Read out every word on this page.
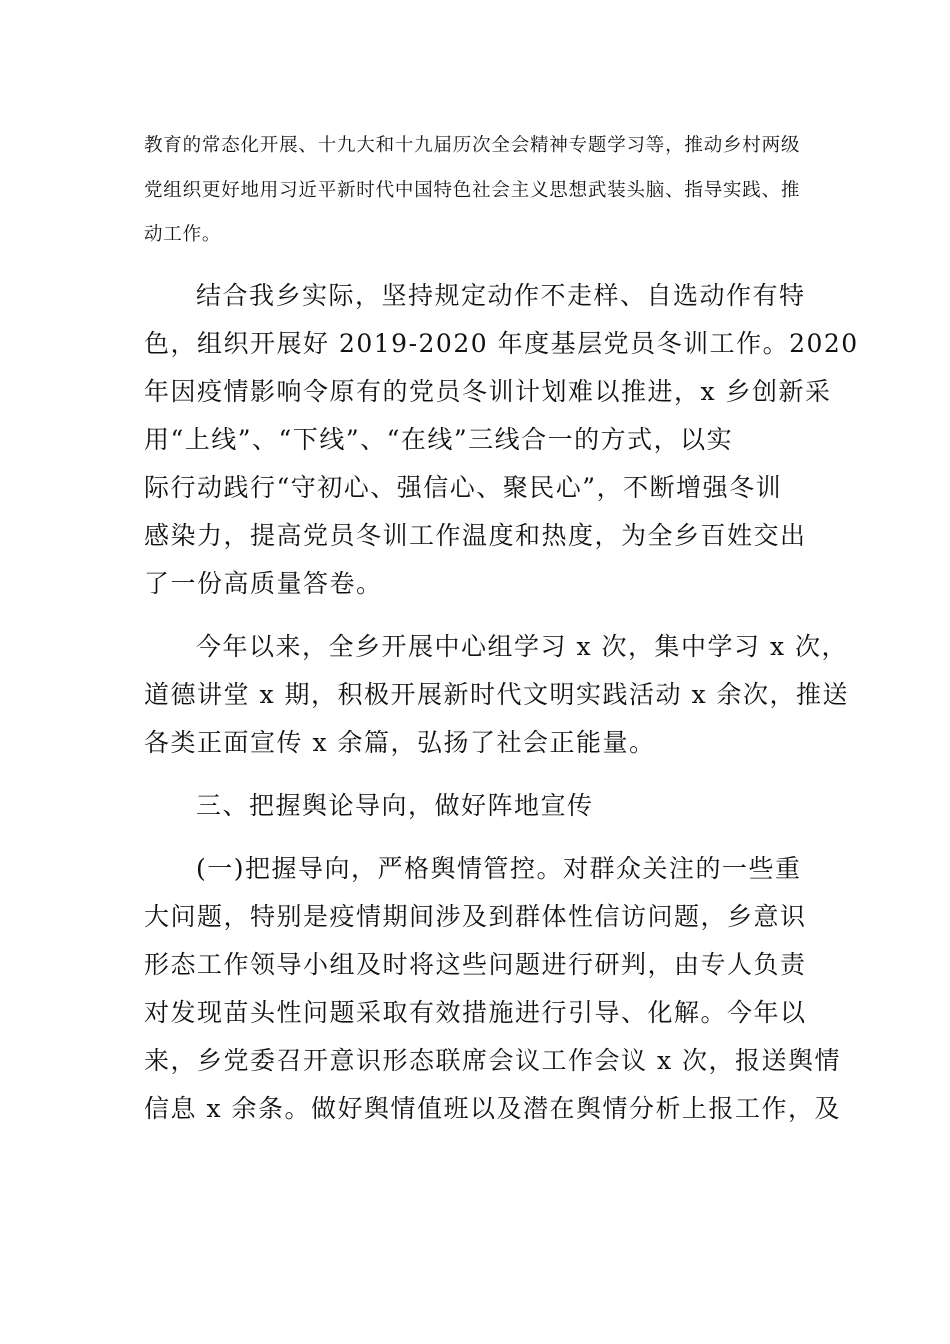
教育的常态化开展、十九大和十九届历次全会精神专题学习等，推动乡村两级

党组织更好地用习近平新时代中国特色社会主义思想武装头脑、指导实践、推

动工作。

结合我乡实际，坚持规定动作不走样、自选动作有特

色，组织开展好 2019-2020 年度基层党员冬训工作。2020

年因疫情影响令原有的党员冬训计划难以推进，x 乡创新采

用“上线”、“下线”、“在线”三线合一的方式，以实

际行动践行“守初心、强信心、聚民心”，不断增强冬训

感染力，提高党员冬训工作温度和热度，为全乡百姓交出

了一份高质量答卷。

今年以来，全乡开展中心组学习 x 次，集中学习 x 次，

道德讲堂 x 期，积极开展新时代文明实践活动 x 余次，推送

各类正面宣传 x 余篇，弘扬了社会正能量。

三、把握舆论导向，做好阵地宣传

(一)把握导向，严格舆情管控。对群众关注的一些重

大问题，特别是疫情期间涉及到群体性信访问题，乡意识

形态工作领导小组及时将这些问题进行研判，由专人负责

对发现苗头性问题采取有效措施进行引导、化解。今年以

来，乡党委召开意识形态联席会议工作会议 x 次，报送舆情

信息 x 余条。做好舆情值班以及潜在舆情分析上报工作，及
